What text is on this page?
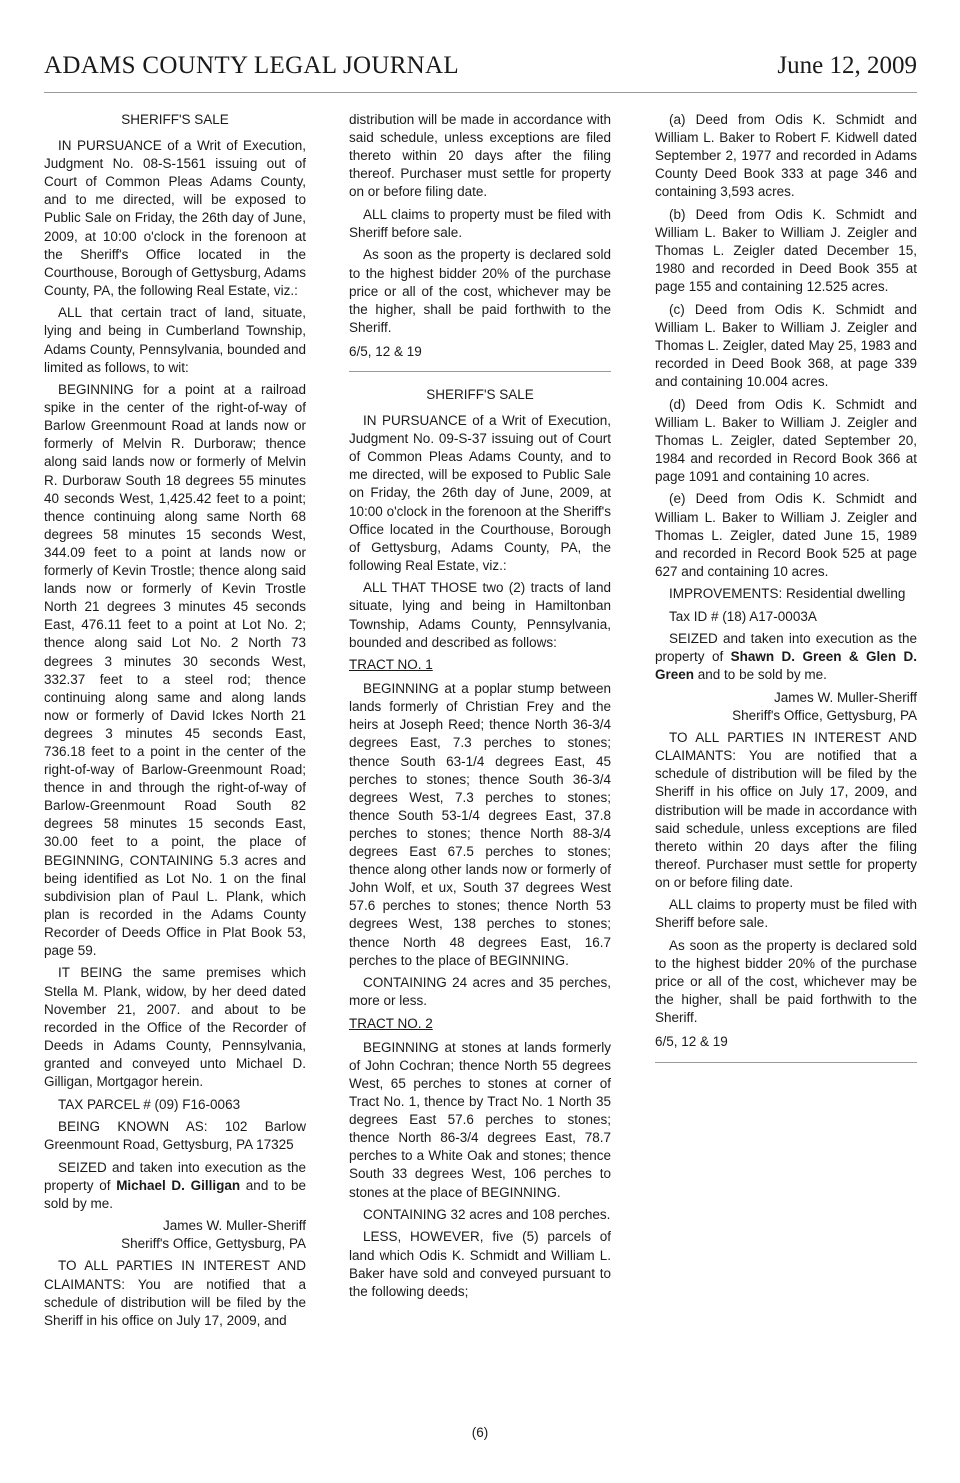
ADAMS COUNTY LEGAL JOURNAL	June 12, 2009
SHERIFF'S SALE

IN PURSUANCE of a Writ of Execution, Judgment No. 08-S-1561 issuing out of Court of Common Pleas Adams County, and to me directed, will be exposed to Public Sale on Friday, the 26th day of June, 2009, at 10:00 o'clock in the forenoon at the Sheriff's Office located in the Courthouse, Borough of Gettysburg, Adams County, PA, the following Real Estate, viz.:

ALL that certain tract of land, situate, lying and being in Cumberland Township, Adams County, Pennsylvania, bounded and limited as follows, to wit:

BEGINNING for a point at a railroad spike in the center of the right-of-way of Barlow Greenmount Road at lands now or formerly of Melvin R. Durboraw; thence along said lands now or formerly of Melvin R. Durboraw South 18 degrees 55 minutes 40 seconds West, 1,425.42 feet to a point; thence continuing along same North 68 degrees 58 minutes 15 seconds West, 344.09 feet to a point at lands now or formerly of Kevin Trostle; thence along said lands now or formerly of Kevin Trostle North 21 degrees 3 minutes 45 seconds East, 476.11 feet to a point at Lot No. 2; thence along said Lot No. 2 North 73 degrees 3 minutes 30 seconds West, 332.37 feet to a steel rod; thence continuing along same and along lands now or formerly of David Ickes North 21 degrees 3 minutes 45 seconds East, 736.18 feet to a point in the center of the right-of-way of Barlow-Greenmount Road; thence in and through the right-of-way of Barlow-Greenmount Road South 82 degrees 58 minutes 15 seconds East, 30.00 feet to a point, the place of BEGINNING, CONTAINING 5.3 acres and being identified as Lot No. 1 on the final subdivision plan of Paul L. Plank, which plan is recorded in the Adams County Recorder of Deeds Office in Plat Book 53, page 59.

IT BEING the same premises which Stella M. Plank, widow, by her deed dated November 21, 2007. and about to be recorded in the Office of the Recorder of Deeds in Adams County, Pennsylvania, granted and conveyed unto Michael D. Gilligan, Mortgagor herein.

TAX PARCEL # (09) F16-0063

BEING KNOWN AS: 102 Barlow Greenmount Road, Gettysburg, PA 17325

SEIZED and taken into execution as the property of Michael D. Gilligan and to be sold by me.

James W. Muller-Sheriff

Sheriff's Office, Gettysburg, PA

TO ALL PARTIES IN INTEREST AND CLAIMANTS: You are notified that a schedule of distribution will be filed by the Sheriff in his office on July 17, 2009, and

distribution will be made in accordance with said schedule, unless exceptions are filed thereto within 20 days after the filing thereof. Purchaser must settle for property on or before filing date.

ALL claims to property must be filed with Sheriff before sale.

As soon as the property is declared sold to the highest bidder 20% of the purchase price or all of the cost, whichever may be the higher, shall be paid forthwith to the Sheriff.

6/5, 12 & 19

SHERIFF'S SALE

IN PURSUANCE of a Writ of Execution, Judgment No. 09-S-37 issuing out of Court of Common Pleas Adams County, and to me directed, will be exposed to Public Sale on Friday, the 26th day of June, 2009, at 10:00 o'clock in the forenoon at the Sheriff's Office located in the Courthouse, Borough of Gettysburg, Adams County, PA, the following Real Estate, viz.:

ALL THAT THOSE two (2) tracts of land situate, lying and being in Hamiltonban Township, Adams County, Pennsylvania, bounded and described as follows:

TRACT NO. 1

BEGINNING at a poplar stump between lands formerly of Christian Frey and the heirs at Joseph Reed; thence North 36-3/4 degrees East, 7.3 perches to stones; thence South 63-1/4 degrees East, 45 perches to stones; thence South 36-3/4 degrees West, 7.3 perches to stones; thence South 53-1/4 degrees East, 37.8 perches to stones; thence North 88-3/4 degrees East 67.5 perches to stones; thence along other lands now or formerly of John Wolf, et ux, South 37 degrees West 57.6 perches to stones; thence North 53 degrees West, 138 perches to stones; thence North 48 degrees East, 16.7 perches to the place of BEGINNING.

CONTAINING 24 acres and 35 perches, more or less.

TRACT NO. 2

BEGINNING at stones at lands formerly of John Cochran; thence North 55 degrees West, 65 perches to stones at corner of Tract No. 1, thence by Tract No. 1 North 35 degrees East 57.6 perches to stones; thence North 86-3/4 degrees East, 78.7 perches to a White Oak and stones; thence South 33 degrees West, 106 perches to stones at the place of BEGINNING.

CONTAINING 32 acres and 108 perches.

LESS, HOWEVER, five (5) parcels of land which Odis K. Schmidt and William L. Baker have sold and conveyed pursuant to the following deeds;

(a) Deed from Odis K. Schmidt and William L. Baker to Robert F. Kidwell dated September 2, 1977 and recorded in Adams County Deed Book 333 at page 346 and containing 3,593 acres.

(b) Deed from Odis K. Schmidt and William L. Baker to William J. Zeigler and Thomas L. Zeigler dated December 15, 1980 and recorded in Deed Book 355 at page 155 and containing 12.525 acres.

(c) Deed from Odis K. Schmidt and William L. Baker to William J. Zeigler and Thomas L. Zeigler, dated May 25, 1983 and recorded in Deed Book 368, at page 339 and containing 10.004 acres.

(d) Deed from Odis K. Schmidt and William L. Baker to William J. Zeigler and Thomas L. Zeigler, dated September 20, 1984 and recorded in Record Book 366 at page 1091 and containing 10 acres.

(e) Deed from Odis K. Schmidt and William L. Baker to William J. Zeigler and Thomas L. Zeigler, dated June 15, 1989 and recorded in Record Book 525 at page 627 and containing 10 acres.

IMPROVEMENTS: Residential dwelling

Tax ID # (18) A17-0003A

SEIZED and taken into execution as the property of Shawn D. Green & Glen D. Green and to be sold by me.

James W. Muller-Sheriff

Sheriff's Office, Gettysburg, PA

TO ALL PARTIES IN INTEREST AND CLAIMANTS: You are notified that a schedule of distribution will be filed by the Sheriff in his office on July 17, 2009, and distribution will be made in accordance with said schedule, unless exceptions are filed thereto within 20 days after the filing thereof. Purchaser must settle for property on or before filing date.

ALL claims to property must be filed with Sheriff before sale.

As soon as the property is declared sold to the highest bidder 20% of the purchase price or all of the cost, whichever may be the higher, shall be paid forthwith to the Sheriff.

6/5, 12 & 19

(6)
